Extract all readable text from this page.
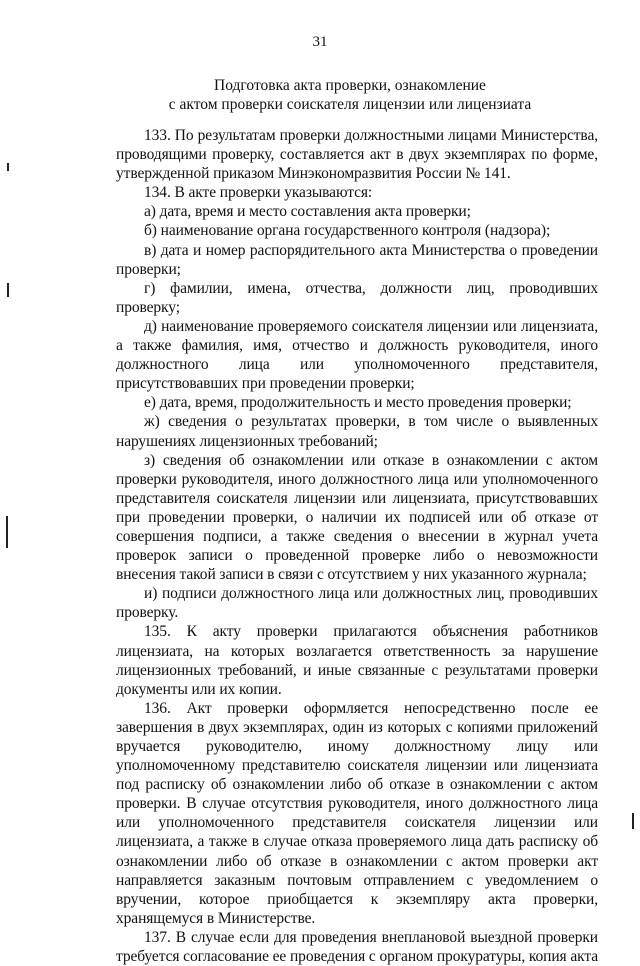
31
Подготовка акта проверки, ознакомление
с актом проверки соискателя лицензии или лицензиата

133. По результатам проверки должностными лицами Министерства, проводящими проверку, составляется акт в двух экземплярах по форме, утвержденной приказом Минэкономразвития России № 141.

134. В акте проверки указываются:

а) дата, время и место составления акта проверки;

б) наименование органа государственного контроля (надзора);

в) дата и номер распорядительного акта Министерства о проведении проверки;

г) фамилии, имена, отчества, должности лиц, проводивших проверку;

д) наименование проверяемого соискателя лицензии или лицензиата, а также фамилия, имя, отчество и должность руководителя, иного должностного лица или уполномоченного представителя, присутствовавших при проведении проверки;

е) дата, время, продолжительность и место проведения проверки;

ж) сведения о результатах проверки, в том числе о выявленных нарушениях лицензионных требований;

з) сведения об ознакомлении или отказе в ознакомлении с актом проверки руководителя, иного должностного лица или уполномоченного представителя соискателя лицензии или лицензиата, присутствовавших при проведении проверки, о наличии их подписей или об отказе от совершения подписи, а также сведения о внесении в журнал учета проверок записи о проведенной проверке либо о невозможности внесения такой записи в связи с отсутствием у них указанного журнала;

и) подписи должностного лица или должностных лиц, проводивших проверку.

135. К акту проверки прилагаются объяснения работников лицензиата, на которых возлагается ответственность за нарушение лицензионных требований, и иные связанные с результатами проверки документы или их копии.

136. Акт проверки оформляется непосредственно после ее завершения в двух экземплярах, один из которых с копиями приложений вручается руководителю, иному должностному лицу или уполномоченному представителю соискателя лицензии или лицензиата под расписку об ознакомлении либо об отказе в ознакомлении с актом проверки. В случае отсутствия руководителя, иного должностного лица или уполномоченного представителя соискателя лицензии или лицензиата, а также в случае отказа проверяемого лица дать расписку об ознакомлении либо об отказе в ознакомлении с актом проверки акт направляется заказным почтовым отправлением с уведомлением о вручении, которое приобщается к экземпляру акта проверки, хранящемуся в Министерстве.

137. В случае если для проведения внеплановой выездной проверки требуется согласование ее проведения с органом прокуратуры, копия акта
